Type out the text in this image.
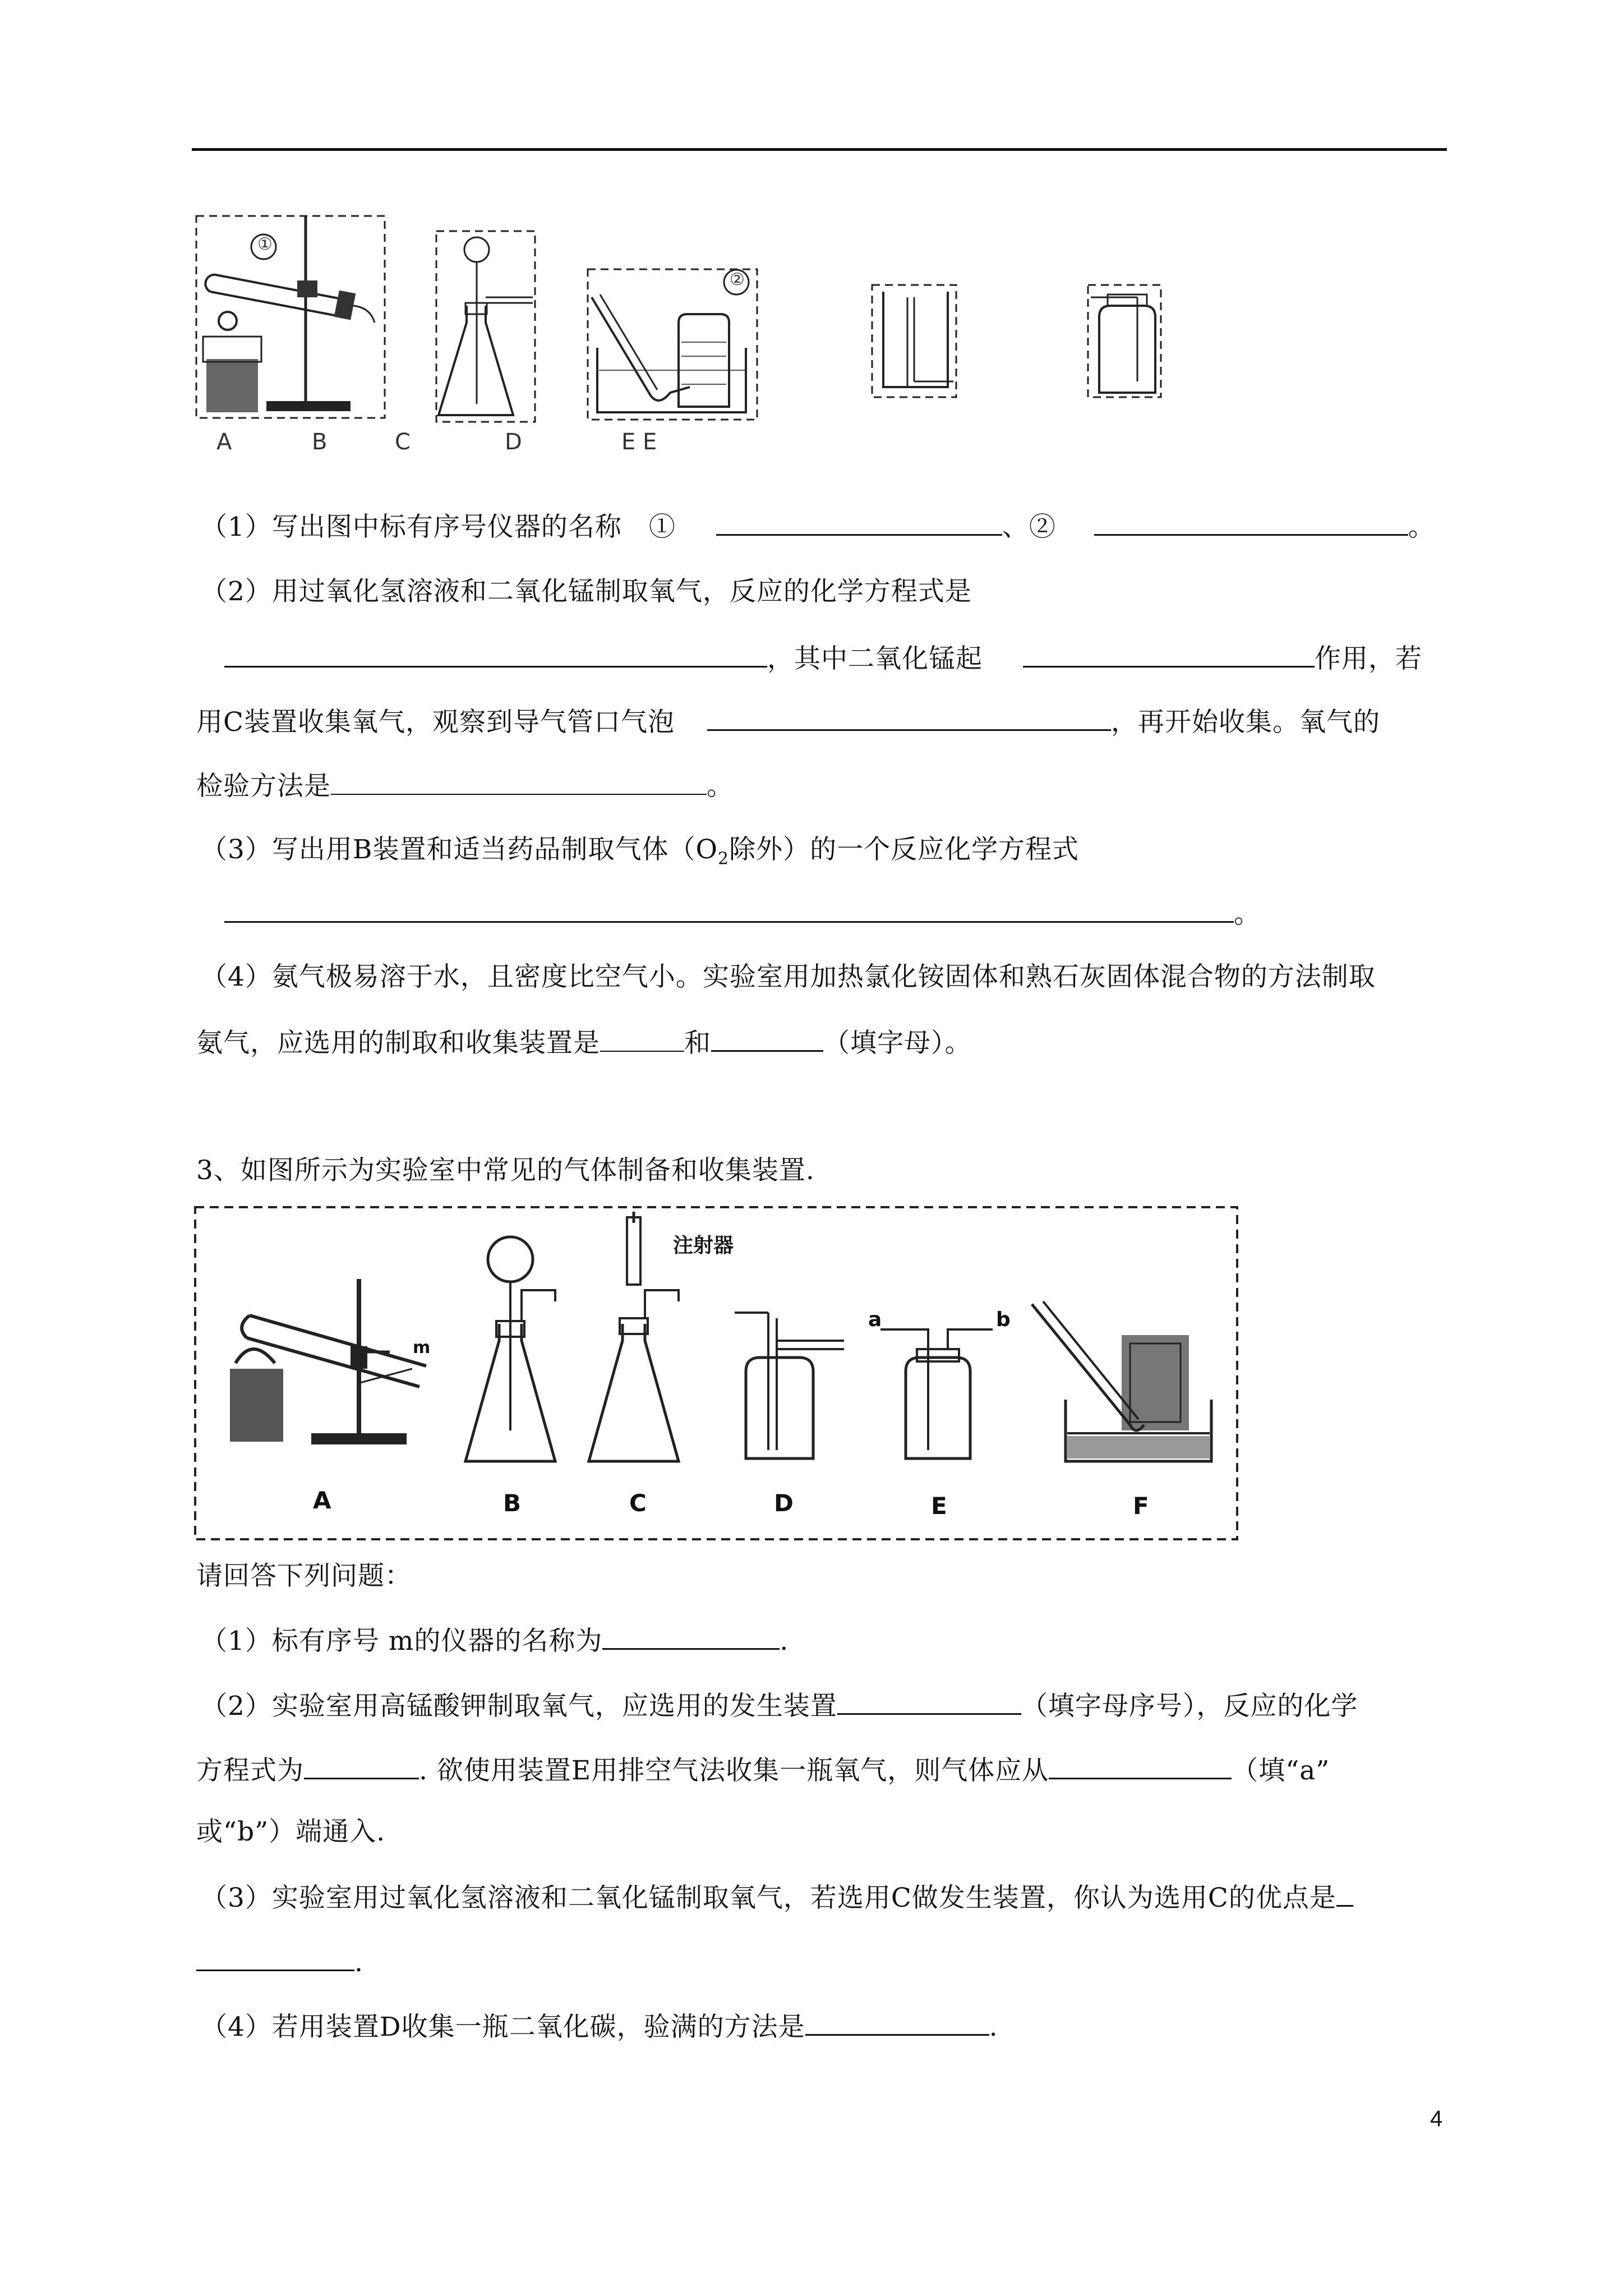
①
②
A	B	C	D	E E
（1）写出图中标有序号仪器的名称　①　	、②　	。
（2）用过氧化氢溶液和二氧化锰制取氧气，反应的化学方程式是
，其中二氧化锰起　	作用，若
用C装置收集氧气，观察到导气管口气泡　	，再开始收集。氧气的
检验方法是	。
（3）写出用B装置和适当药品制取气体（$O_2$除外）的一个反应化学方程式
。
（4）氨气极易溶于水，且密度比空气小。实验室用加热氯化铵固体和熟石灰固体混合物的方法制取
氨气，应选用的制取和收集装置是	和	（填字母）。
3、如图所示为实验室中常见的气体制备和收集装置.
注射器
m
a	b
A	B	C	D	E	F
请回答下列问题：
（1）标有序号 m的仪器的名称为	.
（2）实验室用高锰酸钾制取氧气，应选用的发生装置	（填字母序号），反应的化学
方程式为	. 欲使用装置E用排空气法收集一瓶氧气，则气体应从	（填“a”
或“b”）端通入.
（3）实验室用过氧化氢溶液和二氧化锰制取氧气，若选用C做发生装置，你认为选用C的优点是
.
（4）若用装置D收集一瓶二氧化碳，验满的方法是	.
4
